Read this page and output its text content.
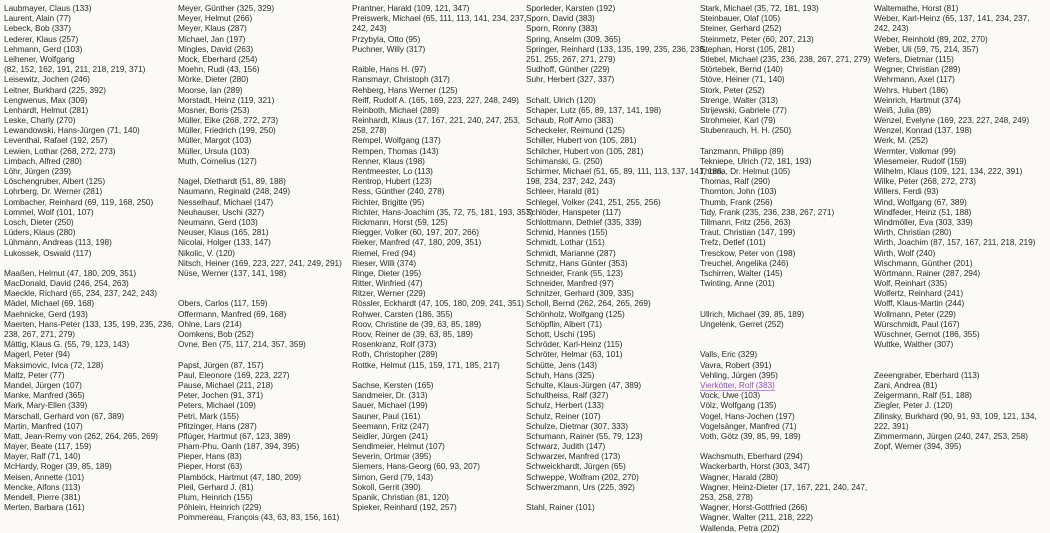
Laubmayer, Claus (133)
Laurent, Alain (77)
Lebeck, Bob (337)
Lederer, Klaus (257)
Lehmann, Gerd (103)
Leihener, Wolfgang
(82, 152, 162, 191, 211, 218, 219, 371)
Leisewitz, Jochen (246)
Leitner, Burkhard (225, 392)
Lengwenus, Max (309)
Lenhardt, Helmut (281)
Leske, Charly (270)
Lewandowski, Hans-Jürgen (71, 140)
Leventhal, Rafael (192, 257)
Lewien, Lothar (268, 272, 273)
Limbach, Alfred (280)
Löhr, Jürgen (239)
Löschengruber, Albert (125)
Lohrberg, Dr. Werner (281)
Lombacher, Reinhard (69, 119, 168, 250)
Lommel, Wolf (101, 107)
Losch, Dieter (250)
Lüders, Klaus (280)
Lühmann, Andreas (113, 198)
Lukossek, Oswald (117)
Maaßen, Helmut (47, 180, 209, 351)
MacDonald, David (246, 254, 263)
Maeckle, Richard (65, 234, 237, 242, 243)
Mädel, Michael (69, 168)
Maehnicke, Gerd (193)
Maerten, Hans-Peter (133, 135, 199, 235, 236,
238, 267, 271, 279)
Mättig, Klaus G. (55, 79, 123, 143)
Magerl, Peter (94)
Maksimovic, Ivica (72, 128)
Maltz, Peter (77)
Mandel, Jürgen (107)
Manke, Manfred (365)
Mark, Mary-Ellen (339)
Marschall, Gerhard von (67, 389)
Martin, Manfred (107)
Matt, Jean-Remy von (262, 264, 265, 269)
Mayer, Beate (117, 159)
Mayer, Ralf (71, 140)
McHardy, Roger (39, 85, 189)
Meisen, Annette (101)
Mencke, Alfons (113)
Mendell, Pierre (381)
Merten, Barbara (161)
Meyer, Günther (325, 329)
Meyer, Helmut (266)
Meyer, Klaus (287)
Michael, Jan (197)
Mingles, David (263)
Mock, Eberhard (254)
Moehn, Rudi (43, 156)
Mörke, Dieter (280)
Moorse, Ian (289)
Morstadt, Heinz (119, 321)
Mosner, Boris (253)
Müller, Eike (268, 272, 273)
Müller, Friedrich (199, 250)
Müller, Margot (103)
Müller, Ursula (103)
Muth, Cornelius (127)
Nagel, Diethardt (51, 89, 188)
Naumann, Reginald (248, 249)
Nesselhauf, Michael (147)
Neuhauser, Uschi (327)
Neumann, Gerd (103)
Neuser, Klaus (165, 281)
Nicolai, Holger (133, 147)
Nikolic, V. (120)
Nitsch, Heiner (169, 223, 227, 241, 249, 291)
Nüse, Werner (137, 141, 198)
Obers, Carlos (117, 159)
Offermann, Manfred (69, 168)
Ohlne, Lars (214)
Oomkens, Bob (252)
Ovne, Ben (75, 117, 214, 357, 359)
Papst, Jürgen (87, 157)
Paul, Eleonore (169, 223, 227)
Pause, Michael (211, 218)
Peter, Jochen (91, 371)
Peters, Michael (109)
Petri, Mark (155)
Pfitzinger, Hans (287)
Pflüger, Hartmut (67, 123, 389)
Pham-Phu, Oanh (187, 394, 395)
Pieper, Hans (83)
Pieper, Horst (63)
Plamböck, Hartmut (47, 180, 209)
Pleil, Gerhard J. (81)
Plum, Heinrich (155)
Pöhlein, Heinrich (229)
Pommereau, François (43, 63, 83, 156, 161)
Prantner, Harald (109, 121, 347)
Preiswerk, Michael (65, 111, 113, 141, 234, 237,
242, 243)
Przybyla, Otto (95)
Puchner, Willy (317)
Raible, Hans H. (97)
Ransmayr, Christoph (317)
Rehberg, Hans Werner (125)
Reiff, Rudolf A. (165, 169, 223, 227, 248, 249)
Reinboth, Michael (289)
Reinhardt, Klaus (17, 167, 221, 240, 247, 253,
258, 278)
Rempel, Wolfgang (137)
Rempen, Thomas (143)
Renner, Klaus (198)
Rentmeester, Lo (113)
Rentrop, Hubert (123)
Ress, Günther (240, 278)
Richter, Brigitte (95)
Richter, Hans-Joachim (35, 72, 75, 181, 193, 357)
Rickmann, Horst (59, 125)
Riegger, Volker (60, 197, 207, 266)
Rieker, Manfred (47, 180, 209, 351)
Riemel, Fred (94)
Rieser, Willi (374)
Ringe, Dieter (195)
Ritter, Winfried (47)
Ritzer, Werner (229)
Rössler, Eckhardt (47, 105, 180, 209, 241, 351)
Rohwer, Carsten (186, 355)
Roov, Christine de (39, 63, 85, 189)
Roov, Reiner de (39, 63, 85, 189)
Rosenkranz, Rolf (373)
Roth, Christopher (289)
Rottke, Helmut (115, 159, 171, 185, 217)
Sachse, Kersten (165)
Sandmeier, Dr. (313)
Sauer, Michael (199)
Sauner, Paul (161)
Seemann, Fritz (247)
Seidler, Jürgen (241)
Sendlmeier, Helmut (107)
Severin, Ortmar (395)
Siemers, Hans-Georg (60, 93, 207)
Simon, Gerd (79, 143)
Sokoll, Gerrit (390)
Spanik, Christian (81, 120)
Spieker, Reinhard (192, 257)
Sporleder, Karsten (192)
Sporn, David (383)
Sporn, Ronny (383)
Spring, Anselm (309, 365)
Springer, Reinhard (133, 135, 199, 235, 236, 238,
251, 255, 267, 271, 279)
Sudhoff, Günther (229)
Suhr, Herbert (327, 337)
Schalt, Ulrich (120)
Schaper, Lutz (65, 89, 137, 141, 198)
Schaub, Rolf Arno (383)
Scheckeler, Reimund (125)
Schiller, Hubert von (105, 281)
Schilcher, Hubert von (105, 281)
Schimanski, G. (250)
Schirmer, Michael (51, 65, 89, 111, 113, 137, 141, 188,
198, 234, 237, 242, 243)
Schleer, Harald (81)
Schlegel, Volker (241, 251, 255, 256)
Schlöder, Hanspeter (117)
Schlottmann, Dethlef (335, 339)
Schmid, Hannes (155)
Schmidt, Lothar (151)
Schmidt, Marianne (287)
Schmitz, Hans Günter (353)
Schneider, Frank (55, 123)
Schneider, Manfred (97)
Schnitzer, Gerhard (309, 335)
Scholl, Bernd (262, 264, 265, 269)
Schönholz, Wolfgang (125)
Schöpflin, Albert (71)
Schott, Uschi (195)
Schröder, Karl-Heinz (115)
Schröter, Helmar (63, 101)
Schütte, Jens (143)
Schuh, Hans (325)
Schulte, Klaus-Jürgen (47, 389)
Schultheiss, Ralf (327)
Schulz, Herbert (133)
Schulz, Reiner (107)
Schulze, Dietmar (307, 333)
Schumann, Rainer (55, 79, 123)
Schwarz, Judith (147)
Schwarzer, Manfred (173)
Schweickhardt, Jürgen (65)
Schweppe, Wolfram (202, 270)
Schwerzmann, Urs (225, 392)
Stahl, Rainer (101)
Stark, Michael (35, 72, 181, 193)
Steinbauer, Olaf (105)
Steiner, Gerhard (252)
Steinmetz, Peter (60, 207, 213)
Stephan, Horst (105, 281)
Stiebel, Michael (235, 236, 238, 267, 271, 279)
Störtebek, Bernd (140)
Stöve, Heiner (71, 140)
Stork, Peter (252)
Strenge, Walter (313)
Strijewski, Gabriele (77)
Strohmeier, Karl (79)
Stubenrauch, H. H. (250)
Tanzmann, Philipp (89)
Tekniepe, Ulrich (72, 181, 193)
Thoma, Dr. Helmut (105)
Thomas, Ralf (290)
Thornton, John (103)
Thumb, Frank (256)
Tidy, Frank (235, 236, 238, 267, 271)
Tillmann, Fritz (256, 263)
Traut, Christian (147, 199)
Trefz, Detlef (101)
Tresckow, Peter von (198)
Treuchel, Angelika (246)
Tschirren, Walter (145)
Twinting, Anne (201)
Ullrich, Michael (39, 85, 189)
Ungelenk, Gerret (252)
Valls, Eric (329)
Vavra, Robert (391)
Vehling, Jürgen (395)
Vierkötter, Rolf (383)
Vock, Uwe (103)
Völz, Wolfgang (135)
Vogel, Hans-Jochen (197)
Vogelsänger, Manfred (71)
Voth, Götz (39, 85, 99, 189)
Wachsmuth, Eberhard (294)
Wackerbarth, Horst (303, 347)
Wagner, Harald (280)
Wagner, Heinz-Dieter (17, 167, 221, 240, 247,
253, 258, 278)
Wagner, Horst-Gottfried (266)
Wagner, Walter (211, 218, 222)
Wallenda, Petra (202)
Waltemathe, Horst (81)
Weber, Karl-Heinz (65, 137, 141, 234, 237,
242, 243)
Weber, Reinhold (89, 202, 270)
Weber, Uli (59, 75, 214, 357)
Wefers, Dietmar (115)
Wegner, Christian (289)
Wehrmann, Axel (117)
Wehrs, Hubert (186)
Weinrich, Hartmut (374)
Weiß, Julia (89)
Wenzel, Evelyne (169, 223, 227, 248, 249)
Wenzel, Konrad (137, 198)
Werk, M. (252)
Wermter, Volkmar (99)
Wiesemeier, Rudolf (159)
Wilhelm, Klaus (109, 121, 134, 222, 391)
Wilke, Peter (268, 272, 273)
Willers, Ferdi (93)
Wind, Wolfgang (67, 389)
Windfeder, Heinz (51, 188)
Windmöller, Eva (303, 339)
Wirth, Christian (280)
Wirth, Joachim (87, 157, 167, 211, 218, 219)
Wirth, Wolf (240)
Wischmann, Günther (201)
Wörtmann, Rainer (287, 294)
Wolf, Reinhart (335)
Wolfertz, Reinhard (241)
Wolff, Klaus-Martin (244)
Wollmann, Peter (229)
Würschmidt, Paul (167)
Wüschner, Gernot (186, 355)
Wuttke, Walther (307)
Zeeengraber, Eberhard (113)
Zani, Andrea (81)
Zeigermann, Ralf (51, 188)
Ziegler, Peter J. (120)
Zilinsky, Burkhard (90, 91, 93, 109, 121, 134,
222, 391)
Zimmermann, Jürgen (240, 247, 253, 258)
Zopf, Werner (394, 395)
